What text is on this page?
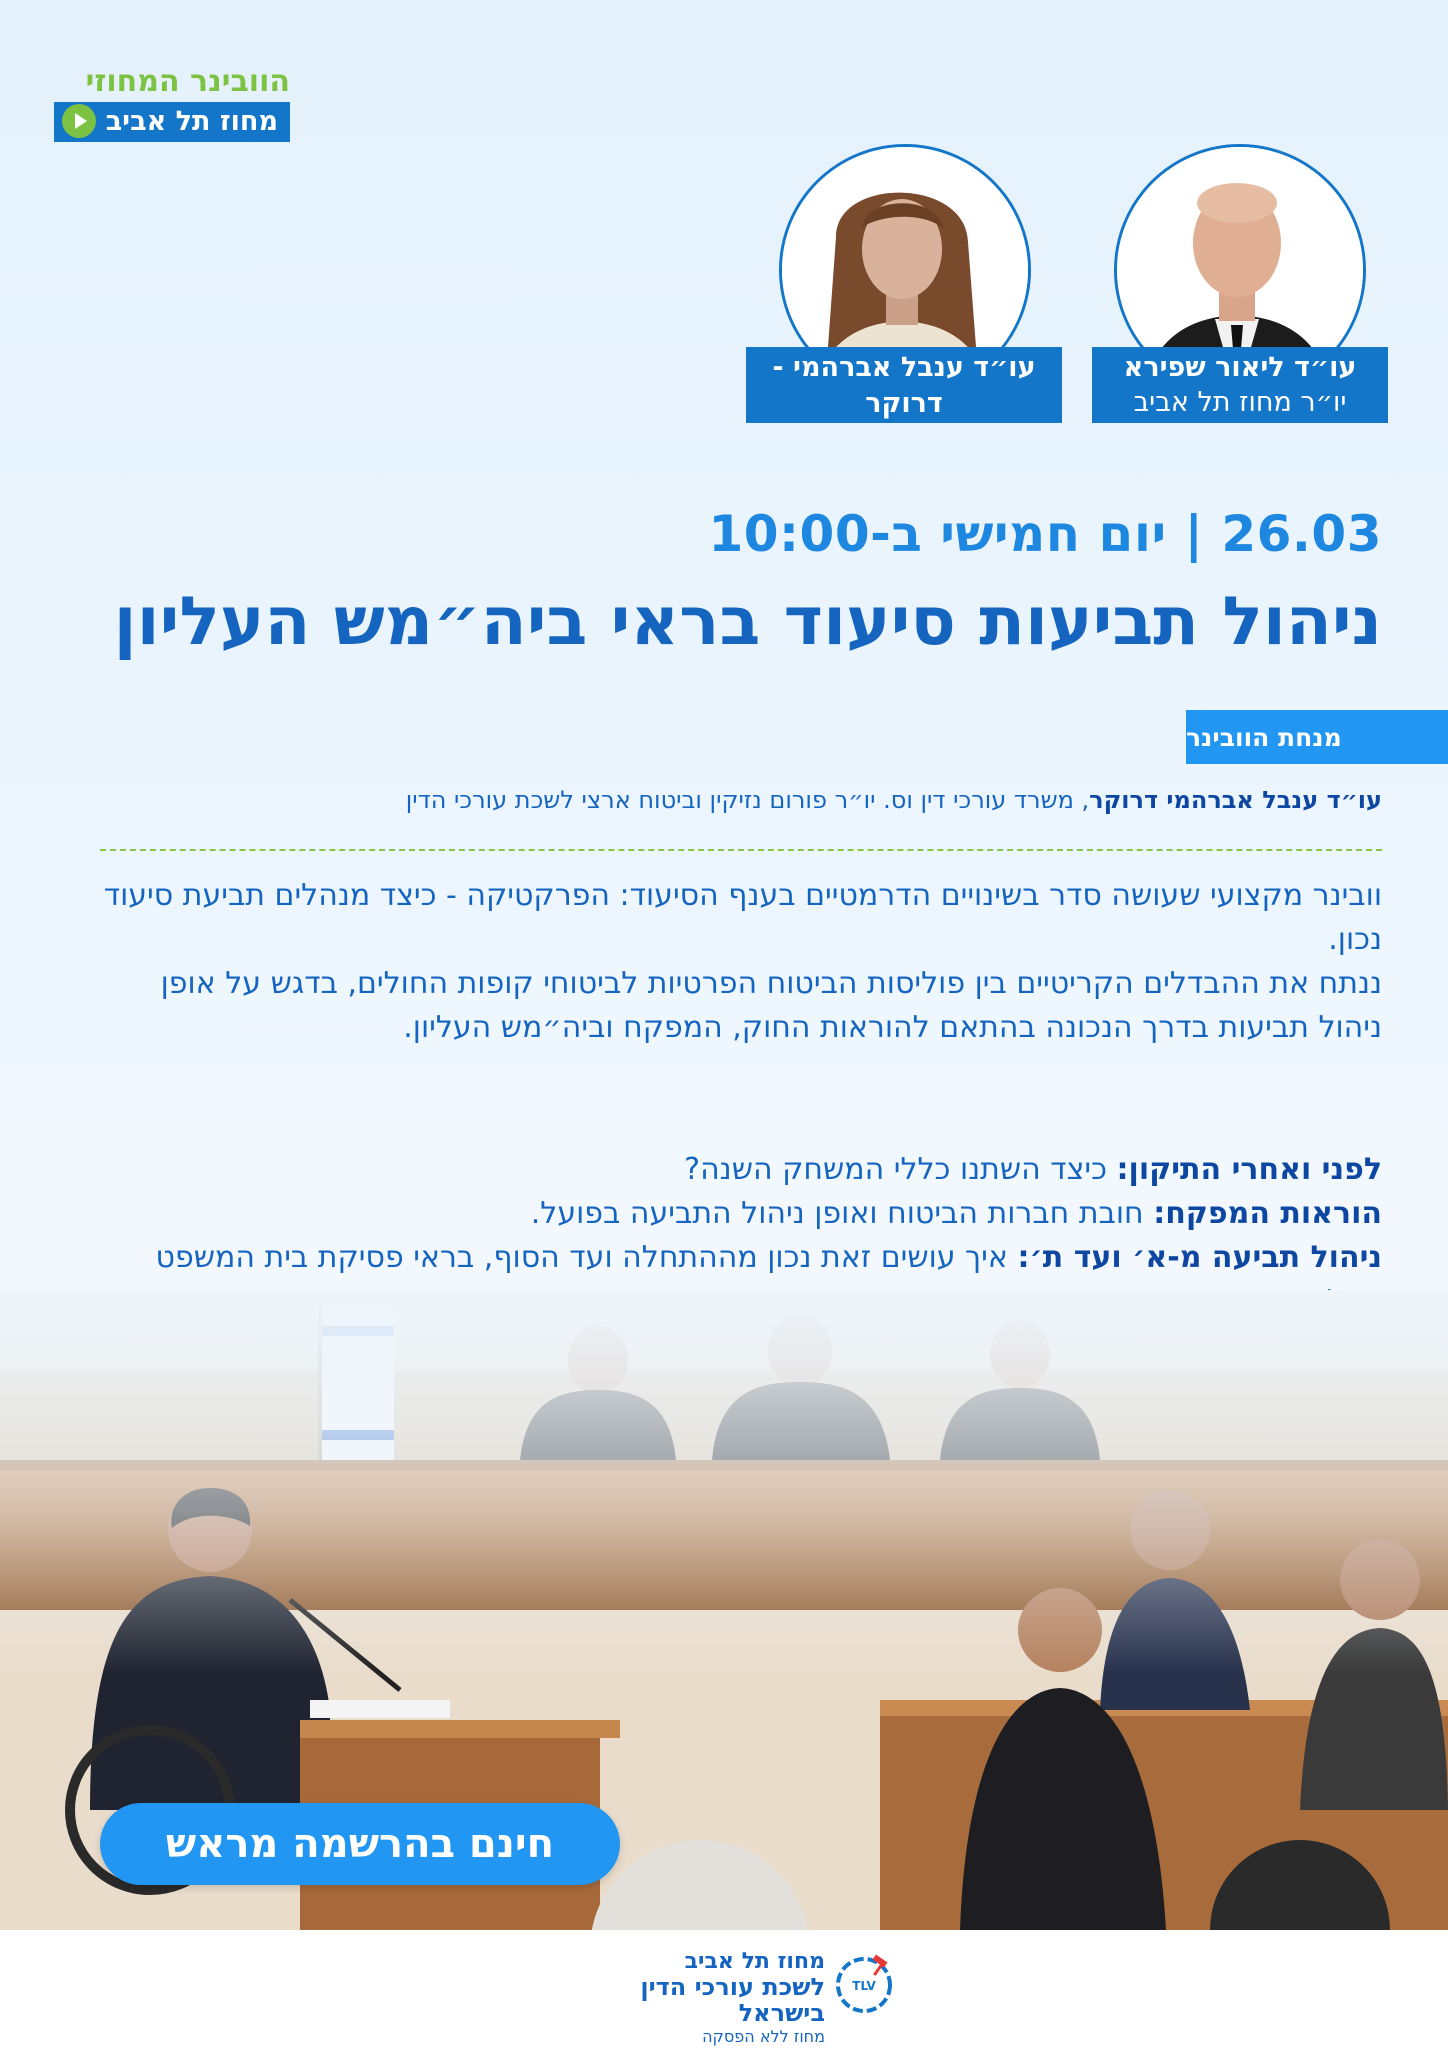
הוובינר המחוזי
מחוז תל אביב
עו״ד ליאור שפירא
יו״ר מחוז תל אביב
עו״ד ענבל אברהמי - דרוקר
26.03 | יום חמישי ב-10:00
ניהול תביעות סיעוד בראי ביה״מש העליון
מנחת הוובינר
עו״ד ענבל אברהמי דרוקר, משרד עורכי דין וס. יו״ר פורום נזיקין וביטוח ארצי לשכת עורכי הדין
וובינר מקצועי שעושה סדר בשינויים הדרמטיים בענף הסיעוד: הפרקטיקה - כיצד מנהלים תביעת סיעוד נכון.
ננתח את ההבדלים הקריטיים בין פוליסות הביטוח הפרטיות לביטוחי קופות החולים, בדגש על אופן ניהול תביעות בדרך הנכונה בהתאם להוראות החוק, המפקח וביה״מש העליון.
לפני ואחרי התיקון: כיצד השתנו כללי המשחק השנה?
הוראות המפקח: חובת חברות הביטוח ואופן ניהול התביעה בפועל.
ניהול תביעה מ-א׳ ועד ת׳: איך עושים זאת נכון מההתחלה ועד הסוף, בראי פסיקת בית המשפט
חינם בהרשמה מראש
מחוז תל אביב
לשכת עורכי הדין בישראל
מחוז ללא הפסקה
TLV
